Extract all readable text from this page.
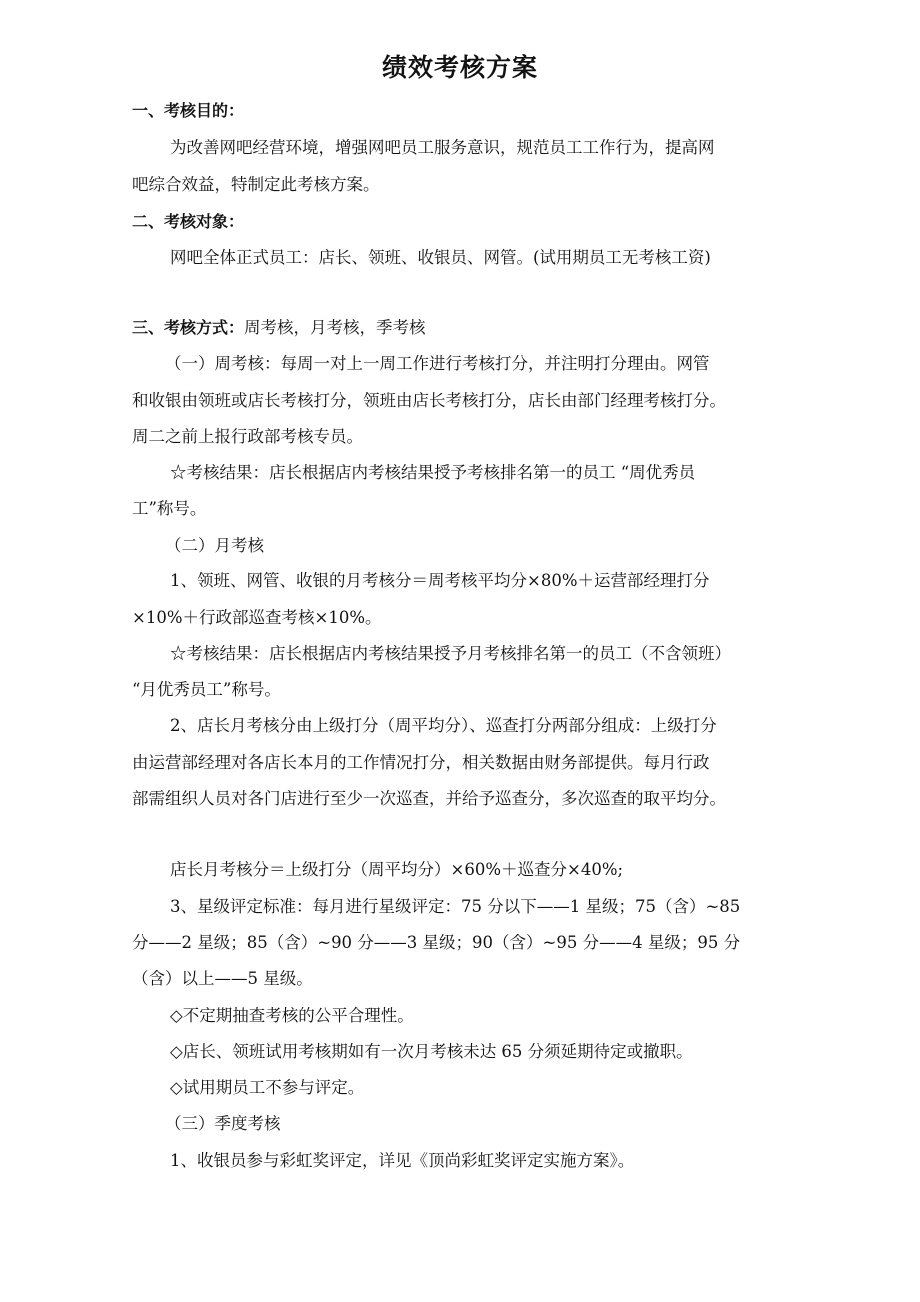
绩效考核方案
一、考核目的：
为改善网吧经营环境，增强网吧员工服务意识，规范员工工作行为，提高网
吧综合效益，特制定此考核方案。
二、考核对象：
网吧全体正式员工：店长、领班、收银员、网管。(试用期员工无考核工资)
三、考核方式：周考核，月考核，季考核
（一）周考核：每周一对上一周工作进行考核打分，并注明打分理由。网管
和收银由领班或店长考核打分，领班由店长考核打分，店长由部门经理考核打分。
周二之前上报行政部考核专员。
☆考核结果：店长根据店内考核结果授予考核排名第一的员工 “周优秀员
工”称号。
（二）月考核
1、领班、网管、收银的月考核分＝周考核平均分×80%＋运营部经理打分
×10%＋行政部巡查考核×10%。
☆考核结果：店长根据店内考核结果授予月考核排名第一的员工（不含领班）
“月优秀员工”称号。
2、店长月考核分由上级打分（周平均分）、巡查打分两部分组成：上级打分
由运营部经理对各店长本月的工作情况打分，相关数据由财务部提供。每月行政
部需组织人员对各门店进行至少一次巡查，并给予巡查分，多次巡查的取平均分。
店长月考核分＝上级打分（周平均分）×60%＋巡查分×40%;
3、星级评定标准：每月进行星级评定：75 分以下——1 星级；75（含）~85
分——2 星级；85（含）~90 分——3 星级；90（含）~95 分——4 星级；95 分
（含）以上——5 星级。
◇不定期抽查考核的公平合理性。
◇店长、领班试用考核期如有一次月考核未达 65 分须延期待定或撤职。
◇试用期员工不参与评定。
（三）季度考核
1、收银员参与彩虹奖评定，详见《顶尚彩虹奖评定实施方案》。
